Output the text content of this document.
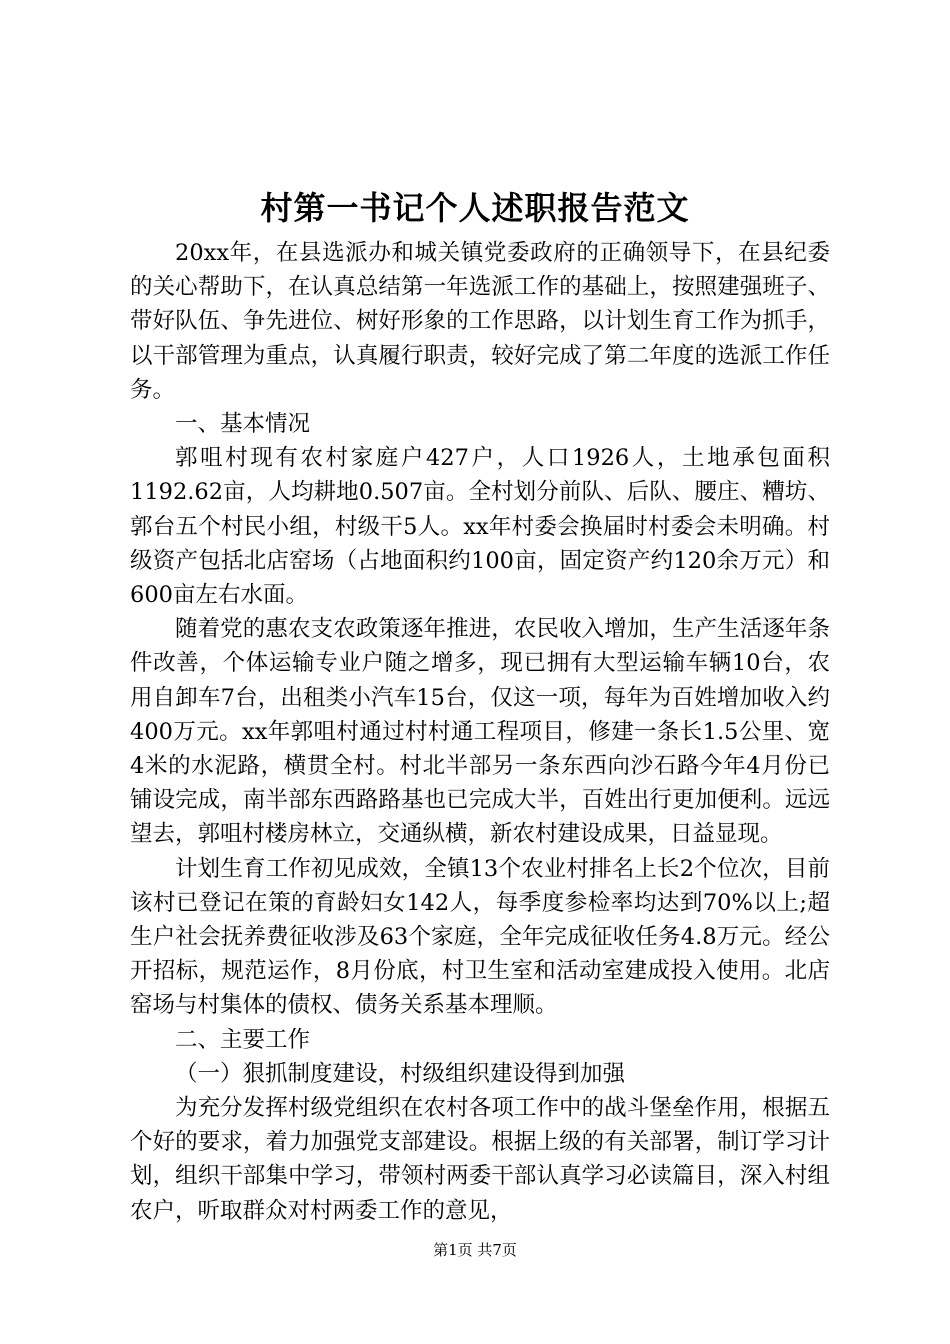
村第一书记个人述职报告范文

20xx年，在县选派办和城关镇党委政府的正确领导下，在县纪委的关心帮助下，在认真总结第一年选派工作的基础上，按照建强班子、带好队伍、争先进位、树好形象的工作思路，以计划生育工作为抓手，以干部管理为重点，认真履行职责，较好完成了第二年度的选派工作任务。

一、基本情况

郭咀村现有农村家庭户427户，人口1926人，土地承包面积1192.62亩，人均耕地0.507亩。全村划分前队、后队、腰庄、糟坊、郭台五个村民小组，村级干5人。xx年村委会换届时村委会未明确。村级资产包括北店窑场（占地面积约100亩，固定资产约120余万元）和600亩左右水面。

随着党的惠农支农政策逐年推进，农民收入增加，生产生活逐年条件改善，个体运输专业户随之增多，现已拥有大型运输车辆10台，农用自卸车7台，出租类小汽车15台，仅这一项，每年为百姓增加收入约400万元。xx年郭咀村通过村村通工程项目，修建一条长1.5公里、宽4米的水泥路，横贯全村。村北半部另一条东西向沙石路今年4月份已铺设完成，南半部东西路路基也已完成大半，百姓出行更加便利。远远望去，郭咀村楼房林立，交通纵横，新农村建设成果，日益显现。

计划生育工作初见成效，全镇13个农业村排名上长2个位次，目前该村已登记在策的育龄妇女142人，每季度参检率均达到70%以上;超生户社会抚养费征收涉及63个家庭，全年完成征收任务4.8万元。经公开招标，规范运作，8月份底，村卫生室和活动室建成投入使用。北店窑场与村集体的债权、债务关系基本理顺。

二、主要工作

（一）狠抓制度建设，村级组织建设得到加强

为充分发挥村级党组织在农村各项工作中的战斗堡垒作用，根据五个好的要求，着力加强党支部建设。根据上级的有关部署，制订学习计划，组织干部集中学习，带领村两委干部认真学习必读篇目，深入村组农户，听取群众对村两委工作的意见，

第1页 共7页
